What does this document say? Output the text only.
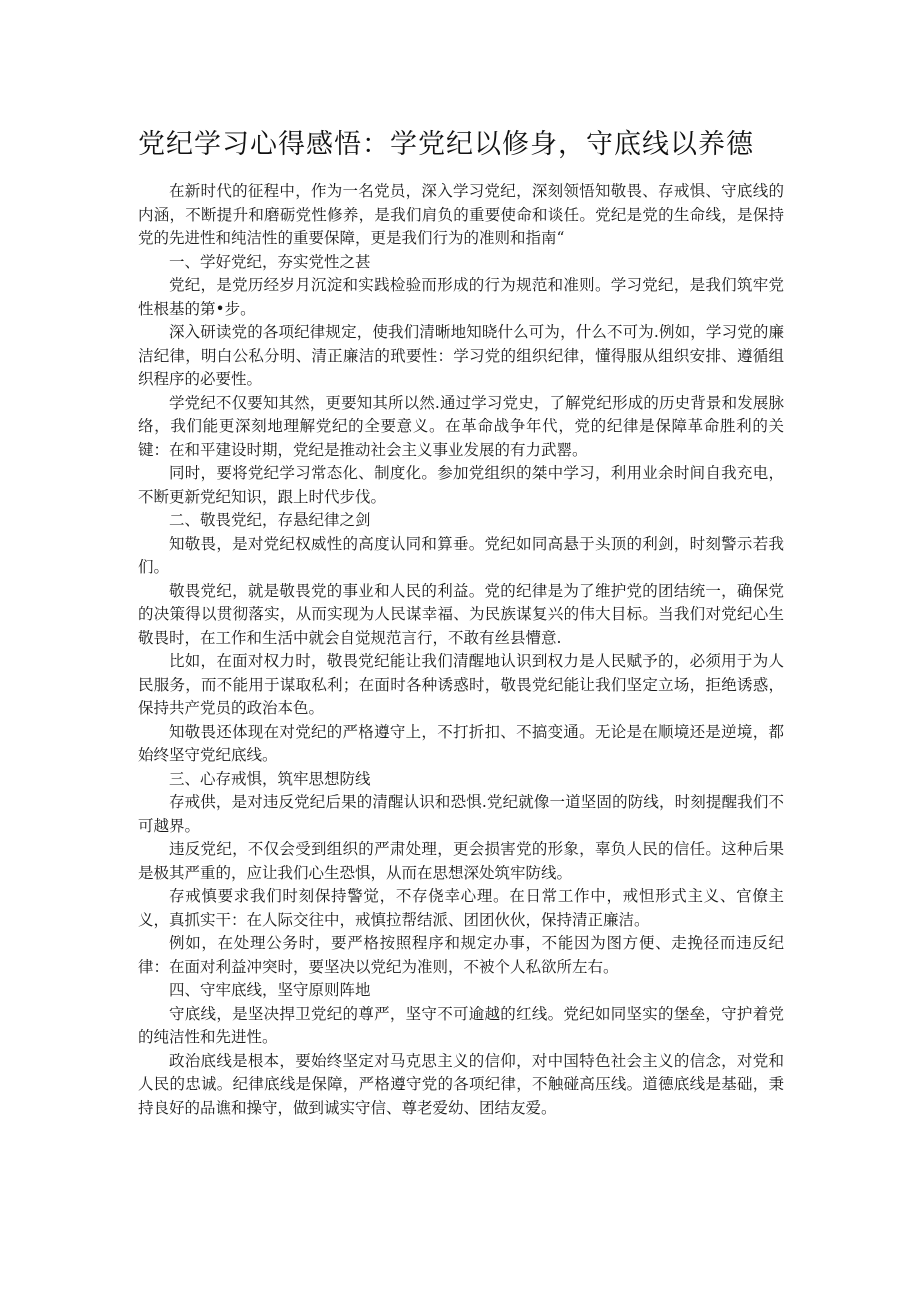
党纪学习心得感悟：学党纪以修身，守底线以养德

在新时代的征程中，作为一名党员，深入学习党纪，深刻领悟知敬畏、存戒惧、守底线的内涵，不断提升和磨砺党性修养，是我们肩负的重要使命和谈任。党纪是党的生命线，是保持党的先进性和纯洁性的重要保障，更是我们行为的准则和指南“

一、学好党纪，夯实党性之甚

党纪，是党历经岁月沉淀和实践检验而形成的行为规范和准则。学习党纪，是我们筑牢党性根基的第•步。

深入研读党的各项纪律规定，使我们清晰地知晓什么可为，什么不可为.例如，学习党的廉洁纪律，明白公私分明、清正廉洁的玳要性：学习党的组织纪律，懂得服从组织安排、遵循组织程序的必要性。

学党纪不仅要知其然，更要知其所以然.通过学习党史，了解党纪形成的历史背景和发展脉络，我们能更深刻地理解党纪的全要意义。在革命战争年代，党的纪律是保障革命胜利的关键：在和平建设时期，党纪是推动社会主义事业发展的有力武罂。

同时，要将党纪学习常态化、制度化。参加党组织的桀中学习，利用业余时间自我充电，不断更新党纪知识，跟上时代步伐。

二、敬畏党纪，存悬纪律之剑

知敬畏，是对党纪权威性的高度认同和算垂。党纪如同高悬于头顶的利剑，时刻警示若我们。

敬畏党纪，就是敬畏党的事业和人民的利益。党的纪律是为了维护党的团结统一，确保党的决策得以贯彻落实，从而实现为人民谋幸福、为民族谋复兴的伟大目标。当我们对党纪心生敬畏时，在工作和生活中就会自觉规范言行，不敢有丝县懵意.

比如，在面对权力时，敬畏党纪能让我们清醒地认识到权力是人民赋予的，必须用于为人民服务，而不能用于谋取私利；在面时各种诱惑时，敬畏党纪能让我们坚定立场，拒绝诱惑，保持共产党员的政治本色。

知敬畏还体现在对党纪的严格遵守上，不打折扣、不搞变通。无论是在顺境还是逆境，都始终坚守党纪底线。

三、心存戒惧，筑牢思想防线

存戒供，是对违反党纪后果的清醒认识和恐惧.党纪就像一道坚固的防线，时刻提醒我们不可越界。

违反党纪，不仅会受到组织的严肃处理，更会损害党的形象，辜负人民的信任。这种后果是极其严重的，应让我们心生恐惧，从而在思想深处筑牢防线。

存戒慎要求我们时刻保持警觉，不存侥幸心理。在日常工作中，戒怛形式主义、官僚主义，真抓实干：在人际交往中，戒慎拉帮结派、团团伙伙，保持清正廉洁。

例如，在处理公务时，要严格按照程序和规定办事，不能因为图方便、走挽径而违反纪律：在面对利益冲突时，要坚决以党纪为准则，不被个人私欲所左右。

四、守牢底线，坚守原则阵地

守底线，是坚决捍卫党纪的尊严，坚守不可逾越的红线。党纪如同坚实的堡垒，守护着党的纯洁性和先进性。

政治底线是根本，要始终坚定对马克思主义的信仰，对中国特色社会主义的信念，对党和人民的忠诚。纪律底线是保障，严格遵守党的各项纪律，不触碰高压线。道德底线是基础，秉持良好的品谯和操守，做到诚实守信、尊老爱幼、团结友爱。
